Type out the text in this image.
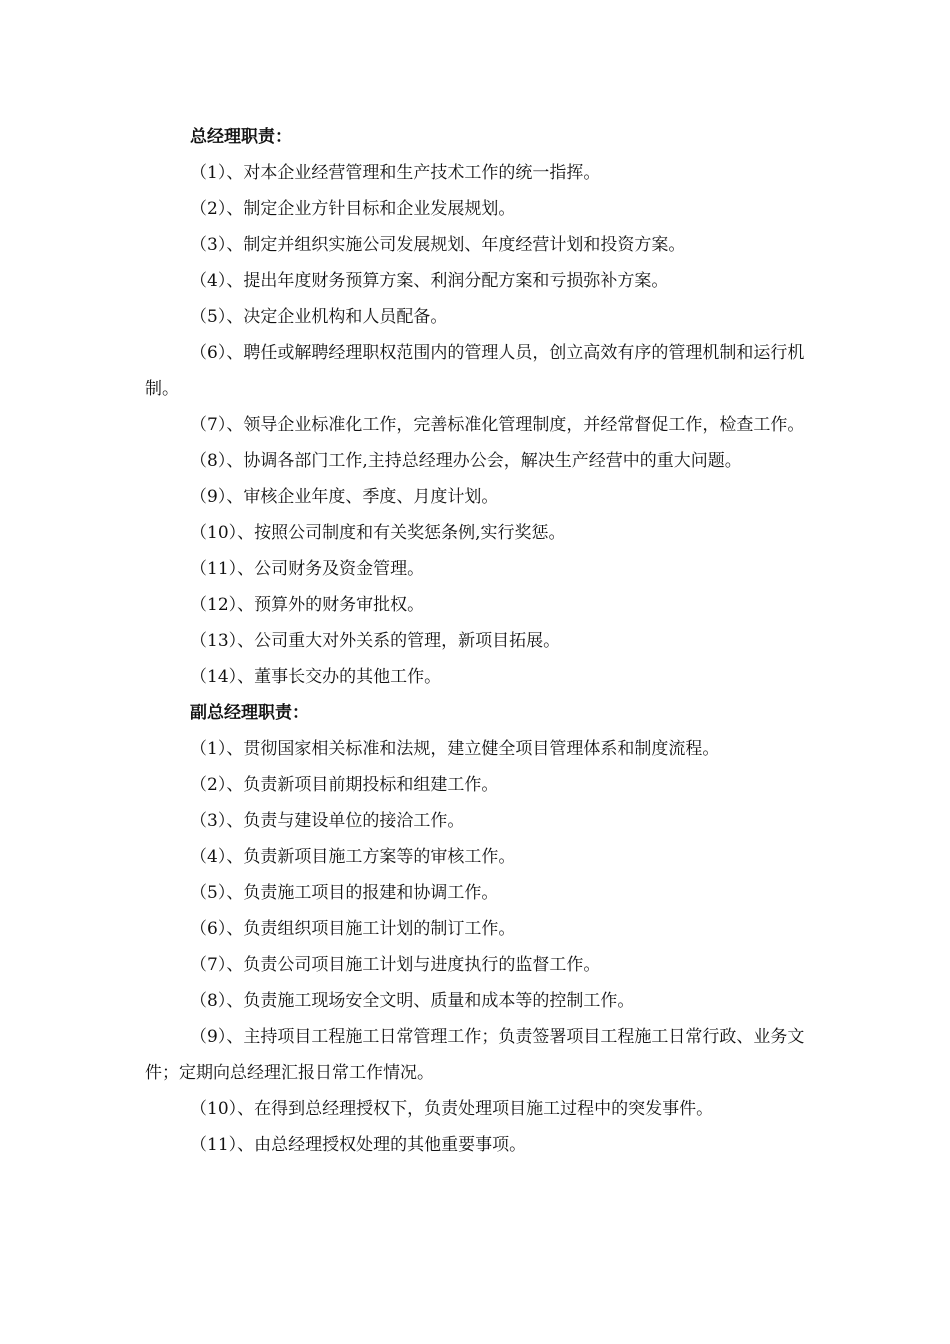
总经理职责：

（1）、对本企业经营管理和生产技术工作的统一指挥。

（2）、制定企业方针目标和企业发展规划。

（3）、制定并组织实施公司发展规划、年度经营计划和投资方案。

（4）、提出年度财务预算方案、利润分配方案和亏损弥补方案。

（5）、决定企业机构和人员配备。

（6）、聘任或解聘经理职权范围内的管理人员，创立高效有序的管理机制和运行机制。

（7）、领导企业标准化工作，完善标准化管理制度，并经常督促工作，检查工作。

（8）、协调各部门工作,主持总经理办公会，解决生产经营中的重大问题。

（9）、审核企业年度、季度、月度计划。

（10）、按照公司制度和有关奖惩条例,实行奖惩。

（11）、公司财务及资金管理。

（12）、预算外的财务审批权。

（13）、公司重大对外关系的管理，新项目拓展。

（14）、董事长交办的其他工作。

副总经理职责：

（1）、贯彻国家相关标准和法规，建立健全项目管理体系和制度流程。

（2）、负责新项目前期投标和组建工作。

（3）、负责与建设单位的接洽工作。

（4）、负责新项目施工方案等的审核工作。

（5）、负责施工项目的报建和协调工作。

（6）、负责组织项目施工计划的制订工作。

（7）、负责公司项目施工计划与进度执行的监督工作。

（8）、负责施工现场安全文明、质量和成本等的控制工作。

（9）、主持项目工程施工日常管理工作；负责签署项目工程施工日常行政、业务文件；定期向总经理汇报日常工作情况。

（10）、在得到总经理授权下，负责处理项目施工过程中的突发事件。

（11）、由总经理授权处理的其他重要事项。
